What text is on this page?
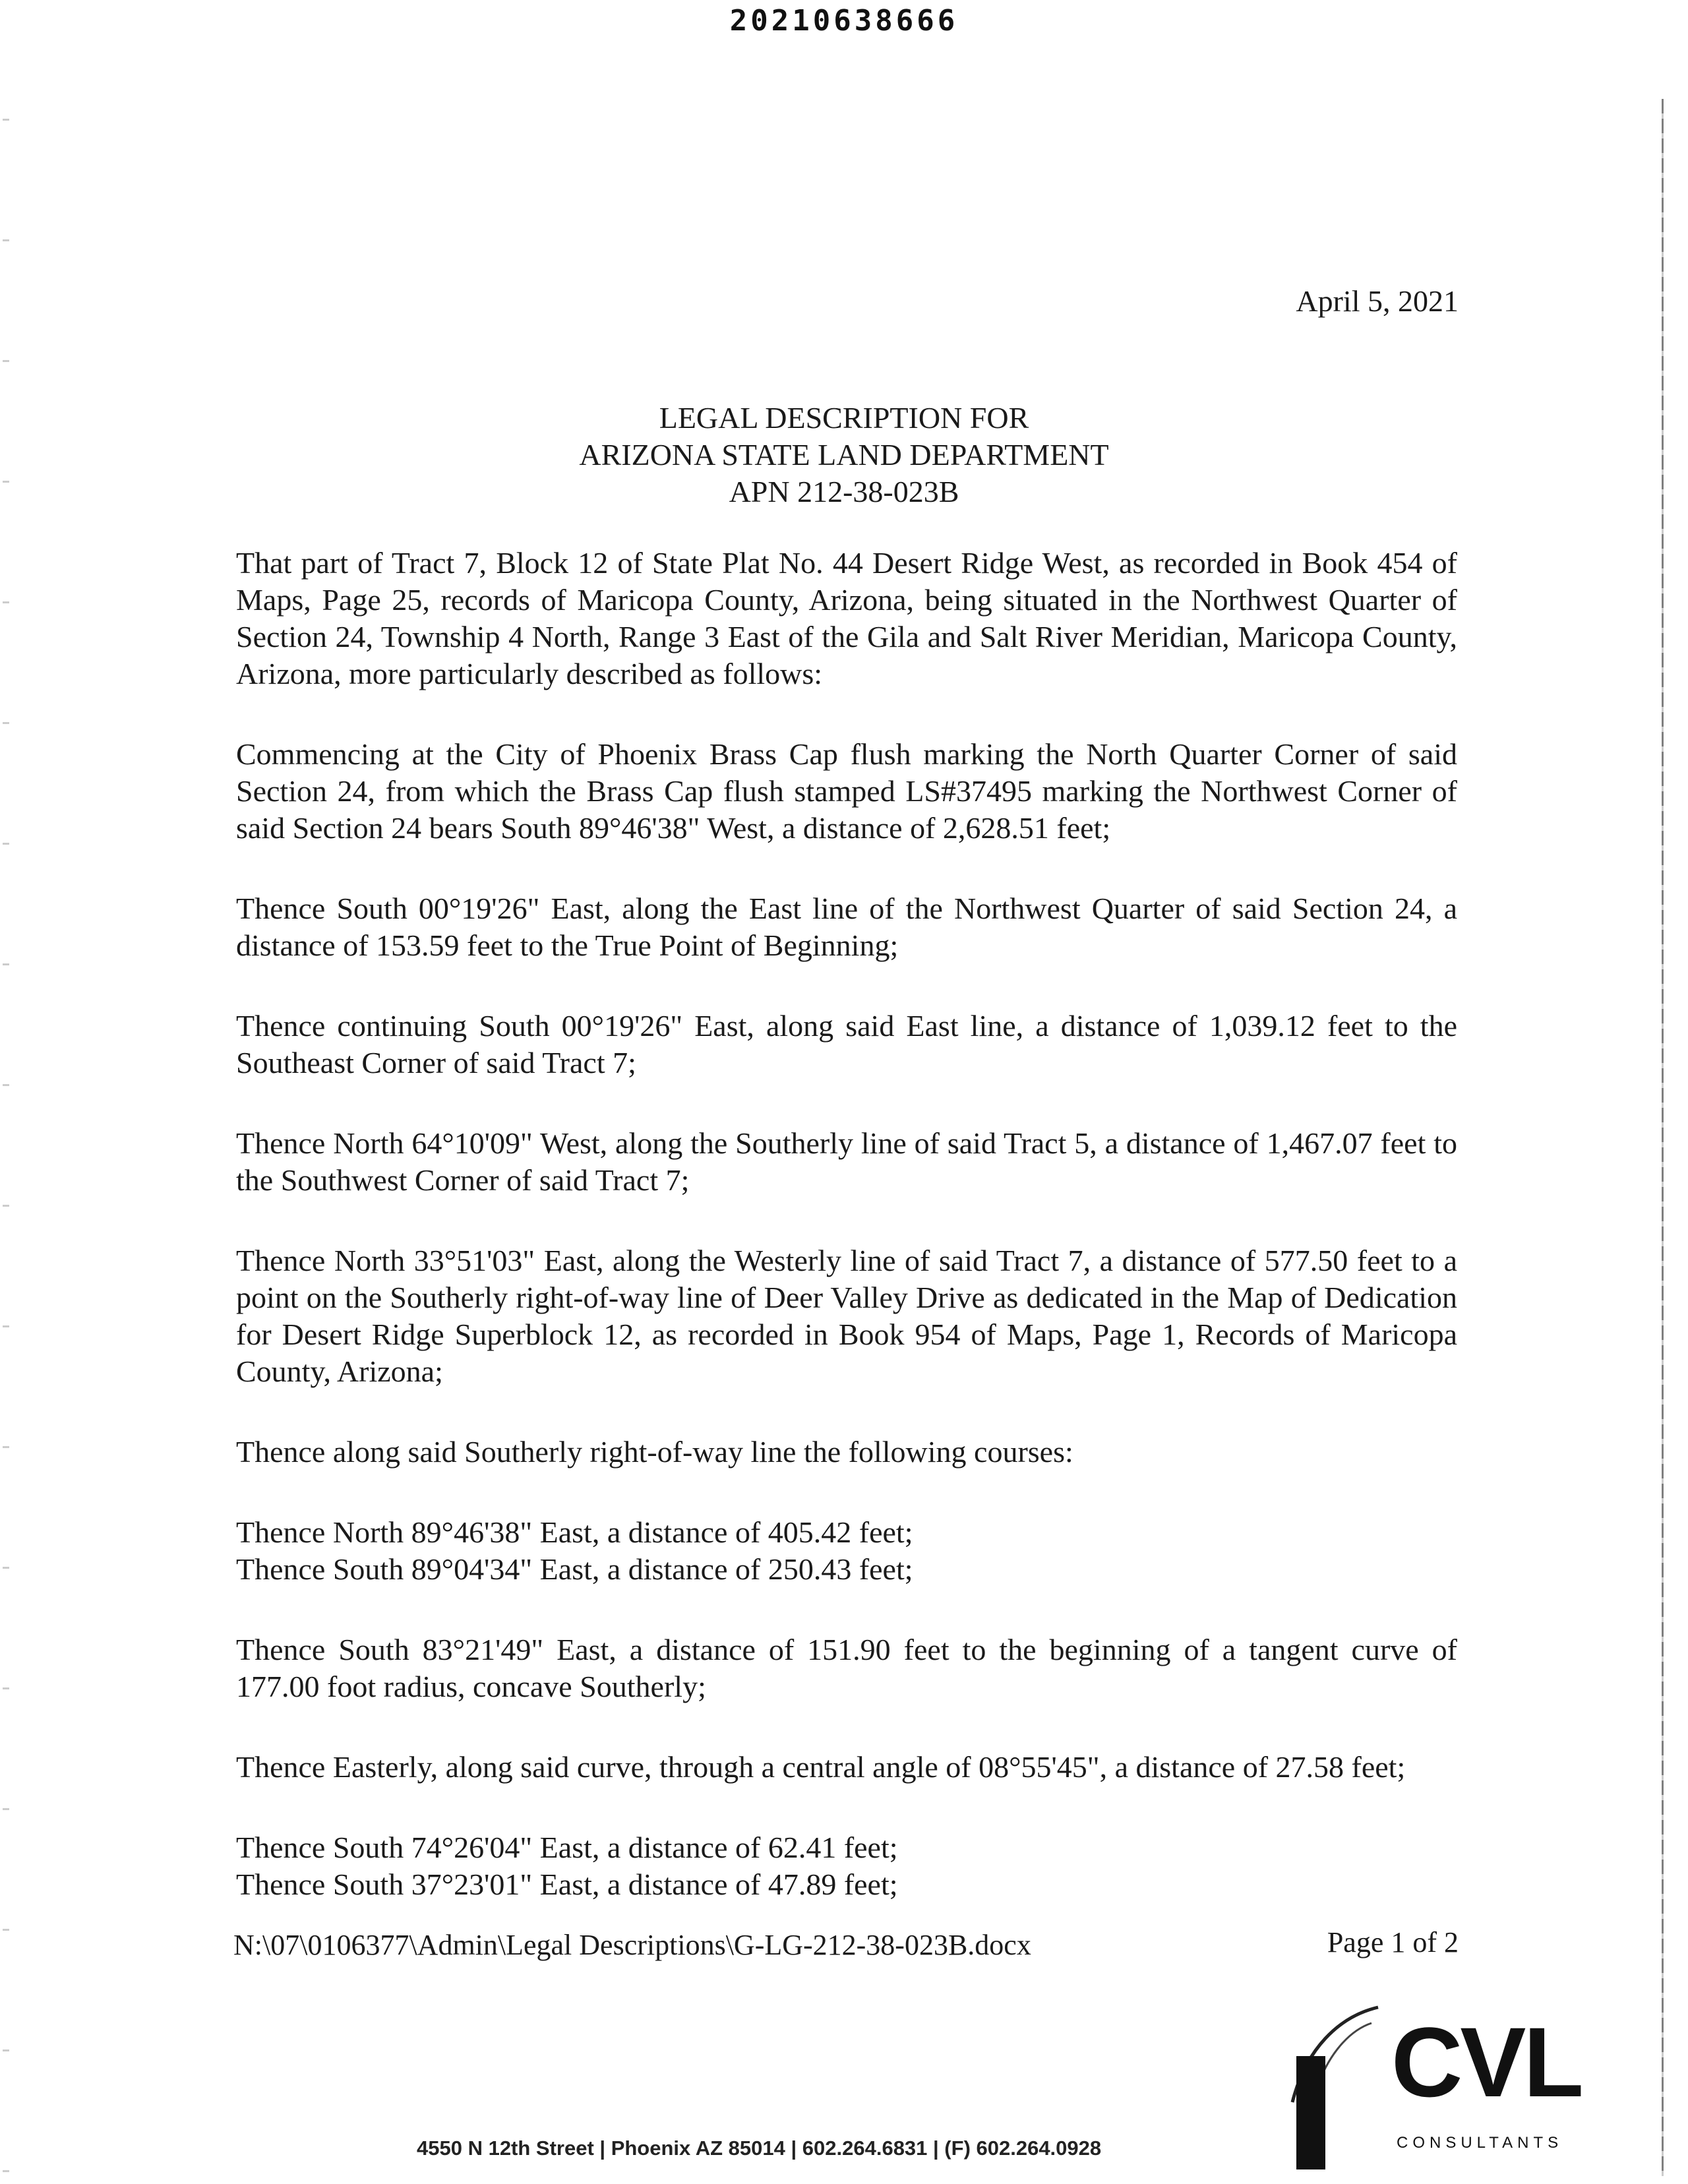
20210638666
April 5, 2021
LEGAL DESCRIPTION FOR
ARIZONA STATE LAND DEPARTMENT
APN 212-38-023B

That part of Tract 7, Block 12 of State Plat No. 44 Desert Ridge West, as recorded in Book 454 of Maps, Page 25, records of Maricopa County, Arizona, being situated in the Northwest Quarter of Section 24, Township 4 North, Range 3 East of the Gila and Salt River Meridian, Maricopa County, Arizona, more particularly described as follows:

Commencing at the City of Phoenix Brass Cap flush marking the North Quarter Corner of said Section 24, from which the Brass Cap flush stamped LS#37495 marking the Northwest Corner of said Section 24 bears South 89°46'38" West, a distance of 2,628.51 feet;

Thence South 00°19'26" East, along the East line of the Northwest Quarter of said Section 24, a distance of 153.59 feet to the True Point of Beginning;

Thence continuing South 00°19'26" East, along said East line, a distance of 1,039.12 feet to the Southeast Corner of said Tract 7;

Thence North 64°10'09" West, along the Southerly line of said Tract 5, a distance of 1,467.07 feet to the Southwest Corner of said Tract 7;

Thence North 33°51'03" East, along the Westerly line of said Tract 7, a distance of 577.50 feet to a point on the Southerly right-of-way line of Deer Valley Drive as dedicated in the Map of Dedication for Desert Ridge Superblock 12, as recorded in Book 954 of Maps, Page 1, Records of Maricopa County, Arizona;

Thence along said Southerly right-of-way line the following courses:

Thence North 89°46'38" East, a distance of 405.42 feet;

Thence South 89°04'34" East, a distance of 250.43 feet;

Thence South 83°21'49" East, a distance of 151.90 feet to the beginning of a tangent curve of 177.00 foot radius, concave Southerly;

Thence Easterly, along said curve, through a central angle of 08°55'45", a distance of 27.58 feet;

Thence South 74°26'04" East, a distance of 62.41 feet;

Thence South 37°23'01" East, a distance of 47.89 feet;

N:\07\0106377\Admin\Legal Descriptions\G-LG-212-38-023B.docx	Page 1 of 2
CVL
CONSULTANTS
4550 N 12th Street | Phoenix AZ 85014 | 602.264.6831 | (F) 602.264.0928
